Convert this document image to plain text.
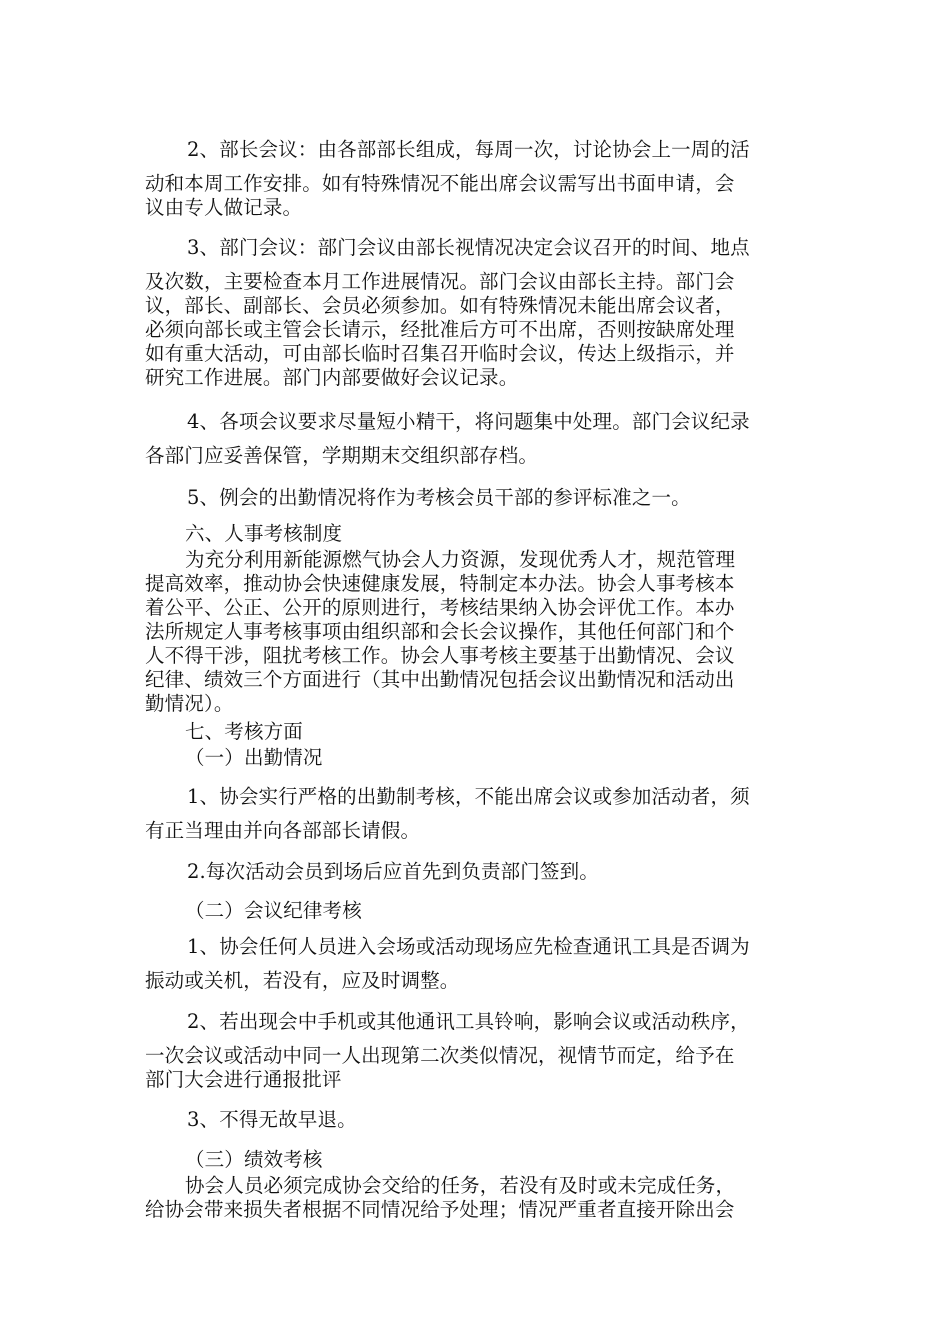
2、部长会议：由各部部长组成，每周一次，讨论协会上一周的活
动和本周工作安排。如有特殊情况不能出席会议需写出书面申请，会
议由专人做记录。
3、部门会议：部门会议由部长视情况决定会议召开的时间、地点
及次数，主要检查本月工作进展情况。部门会议由部长主持。部门会
议，部长、副部长、会员必须参加。如有特殊情况未能出席会议者，
必须向部长或主管会长请示，经批准后方可不出席，否则按缺席处理
如有重大活动，可由部长临时召集召开临时会议，传达上级指示，并
研究工作进展。部门内部要做好会议记录。
4、各项会议要求尽量短小精干，将问题集中处理。部门会议纪录
各部门应妥善保管，学期期末交组织部存档。
5、例会的出勤情况将作为考核会员干部的参评标准之一。
六、人事考核制度
为充分利用新能源燃气协会人力资源，发现优秀人才，规范管理
提高效率，推动协会快速健康发展，特制定本办法。协会人事考核本
着公平、公正、公开的原则进行，考核结果纳入协会评优工作。本办
法所规定人事考核事项由组织部和会长会议操作，其他任何部门和个
人不得干涉，阻扰考核工作。协会人事考核主要基于出勤情况、会议
纪律、绩效三个方面进行（其中出勤情况包括会议出勤情况和活动出
勤情况）。
七、考核方面
（一）出勤情况
1、协会实行严格的出勤制考核，不能出席会议或参加活动者，须
有正当理由并向各部部长请假。
2.每次活动会员到场后应首先到负责部门签到。
（二）会议纪律考核
1、协会任何人员进入会场或活动现场应先检查通讯工具是否调为
振动或关机，若没有，应及时调整。
2、若出现会中手机或其他通讯工具铃响，影响会议或活动秩序，
一次会议或活动中同一人出现第二次类似情况，视情节而定，给予在
部门大会进行通报批评
3、不得无故早退。
（三）绩效考核
协会人员必须完成协会交给的任务，若没有及时或未完成任务，
给协会带来损失者根据不同情况给予处理；情况严重者直接开除出会
